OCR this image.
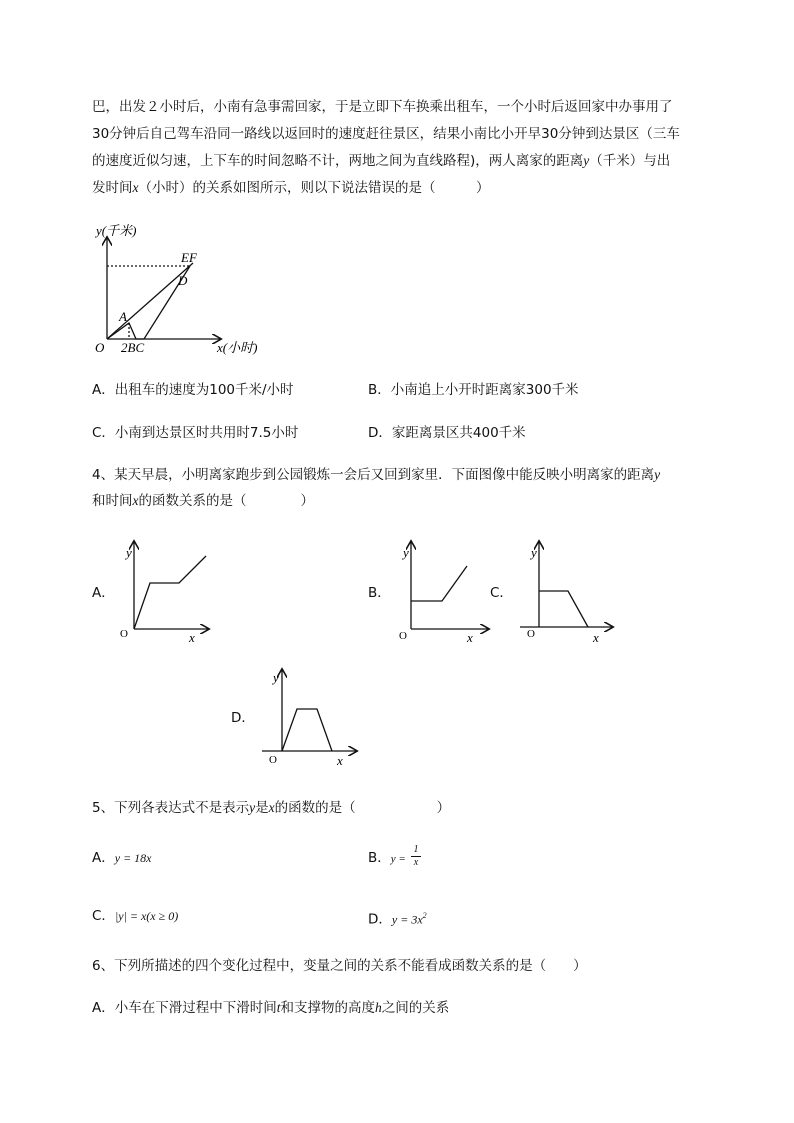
巴，出发２小时后，小南有急事需回家，于是立即下车换乘出租车，一个小时后返回家中办事用了
30分钟后自己驾车沿同一路线以返回时的速度赶往景区，结果小南比小开早30分钟到达景区（三车
的速度近似匀速，上下车的时间忽略不计，两地之间为直线路程)，两人离家的距离y（千米）与出
发时间x（小时）的关系如图所示，则以下说法错误的是（　　　）
y(千米)
x(小时)
O
EF
D
A
2BC
A．出租车的速度为100千米/小时	B．小南追上小开时距离家300千米
C．小南到达景区时共用时7.5小时	D．家距离景区共400千米
4、某天早晨，小明离家跑步到公园锻炼一会后又回到家里．下面图像中能反映小明离家的距离y
和时间x的函数关系的是（　　　　）
A．	B．	C．
D．
y
x
O
y
x
O
y
x
O
y
x
O
5、下列各表达式不是表示y是x的函数的是（　　　　　　）
A．y = 18x	B．$y = \frac{1}{x}$
C．|y| = x(x ≥ 0)	D．$y = 3x^2$
6、下列所描述的四个变化过程中，变量之间的关系不能看成函数关系的是（　　）
A．小车在下滑过程中下滑时间t和支撑物的高度h之间的关系
